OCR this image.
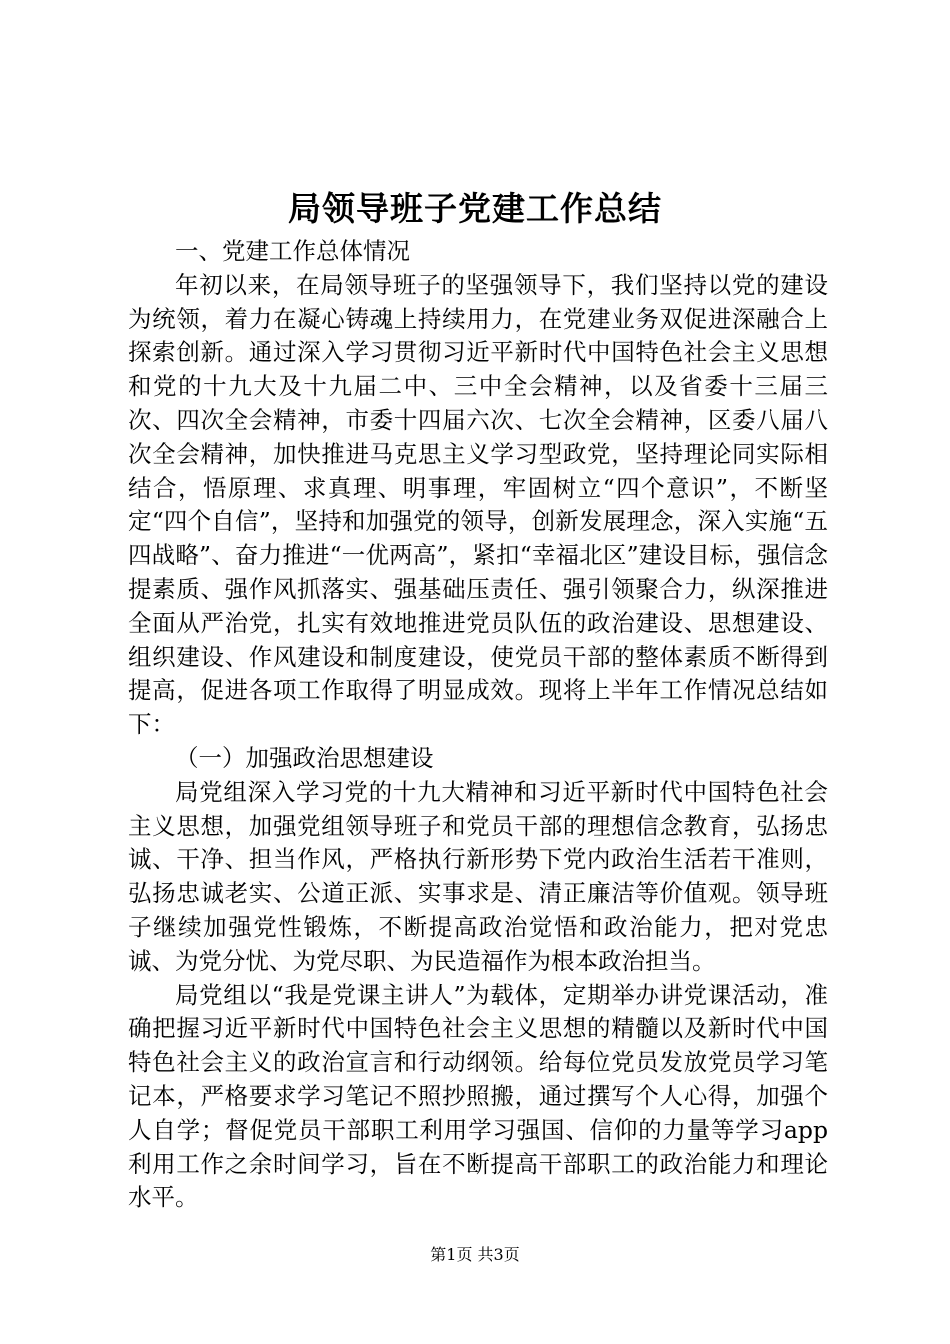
局领导班子党建工作总结

一、党建工作总体情况

年初以来，在局领导班子的坚强领导下，我们坚持以党的建设为统领，着力在凝心铸魂上持续用力，在党建业务双促进深融合上探索创新。通过深入学习贯彻习近平新时代中国特色社会主义思想和党的十九大及十九届二中、三中全会精神，以及省委十三届三次、四次全会精神，市委十四届六次、七次全会精神，区委八届八次全会精神，加快推进马克思主义学习型政党，坚持理论同实际相结合，悟原理、求真理、明事理，牢固树立“四个意识”，不断坚定“四个自信”，坚持和加强党的领导，创新发展理念，深入实施“五四战略”、奋力推进“一优两高”，紧扣“幸福北区”建设目标，强信念提素质、强作风抓落实、强基础压责任、强引领聚合力，纵深推进全面从严治党，扎实有效地推进党员队伍的政治建设、思想建设、组织建设、作风建设和制度建设，使党员干部的整体素质不断得到提高，促进各项工作取得了明显成效。现将上半年工作情况总结如下：

（一）加强政治思想建设

局党组深入学习党的十九大精神和习近平新时代中国特色社会主义思想，加强党组领导班子和党员干部的理想信念教育，弘扬忠诚、干净、担当作风，严格执行新形势下党内政治生活若干准则，弘扬忠诚老实、公道正派、实事求是、清正廉洁等价值观。领导班子继续加强党性锻炼，不断提高政治觉悟和政治能力，把对党忠诚、为党分忧、为党尽职、为民造福作为根本政治担当。

局党组以“我是党课主讲人”为载体，定期举办讲党课活动，准确把握习近平新时代中国特色社会主义思想的精髓以及新时代中国特色社会主义的政治宣言和行动纲领。给每位党员发放党员学习笔记本，严格要求学习笔记不照抄照搬，通过撰写个人心得，加强个人自学；督促党员干部职工利用学习强国、信仰的力量等学习app利用工作之余时间学习，旨在不断提高干部职工的政治能力和理论水平。

第1页 共3页
